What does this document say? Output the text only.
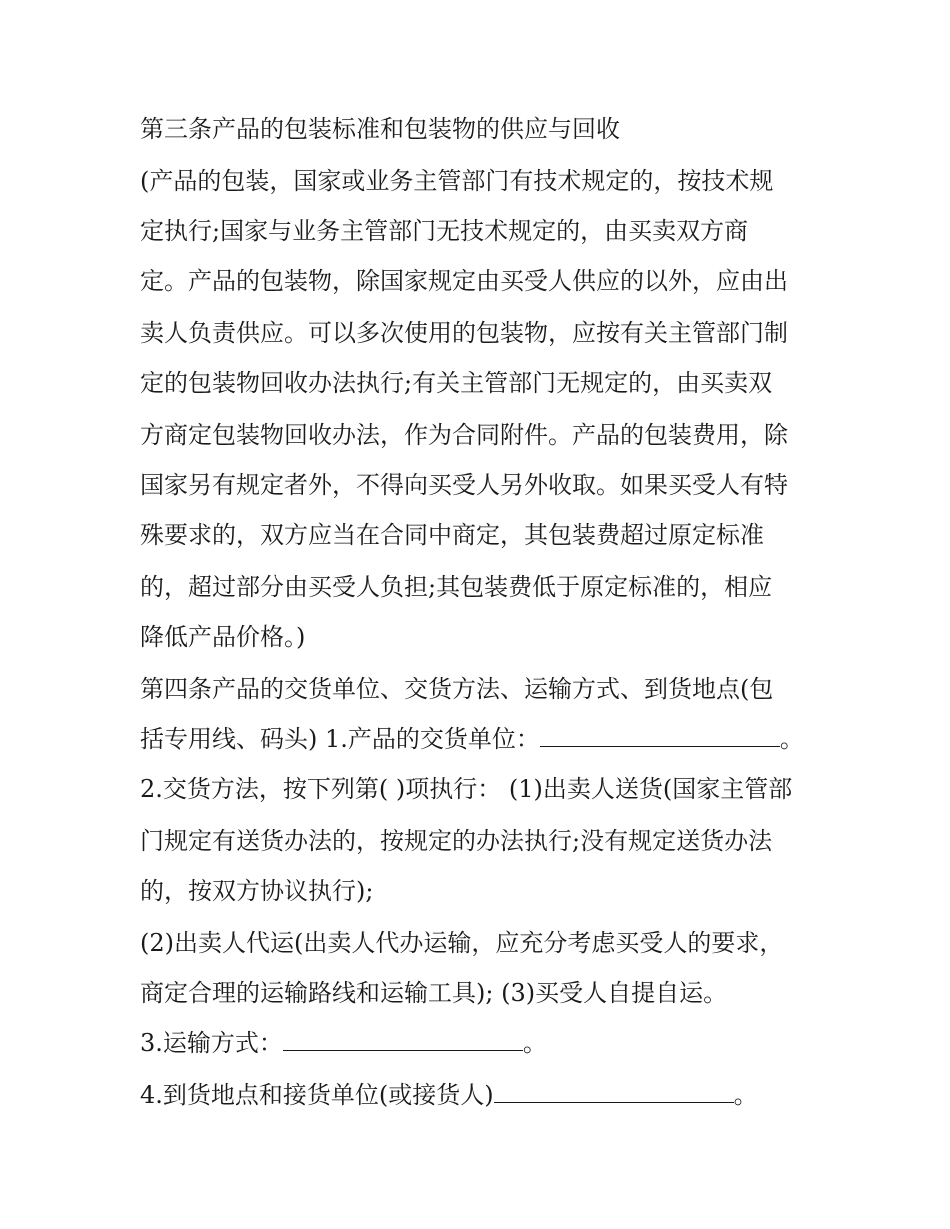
第三条产品的包装标准和包装物的供应与回收
(产品的包装，国家或业务主管部门有技术规定的，按技术规
定执行;国家与业务主管部门无技术规定的，由买卖双方商
定。产品的包装物，除国家规定由买受人供应的以外，应由出
卖人负责供应。可以多次使用的包装物，应按有关主管部门制
定的包装物回收办法执行;有关主管部门无规定的，由买卖双
方商定包装物回收办法，作为合同附件。产品的包装费用，除
国家另有规定者外，不得向买受人另外收取。如果买受人有特
殊要求的，双方应当在合同中商定，其包装费超过原定标准
的，超过部分由买受人负担;其包装费低于原定标准的，相应
降低产品价格。)
第四条产品的交货单位、交货方法、运输方式、到货地点(包
括专用线、码头) 1.产品的交货单位：	。
2.交货方法，按下列第( )项执行： (1)出卖人送货(国家主管部
门规定有送货办法的，按规定的办法执行;没有规定送货办法
的，按双方协议执行);
(2)出卖人代运(出卖人代办运输，应充分考虑买受人的要求，
商定合理的运输路线和运输工具); (3)买受人自提自运。
3.运输方式：	。
4.到货地点和接货单位(或接货人)	。
